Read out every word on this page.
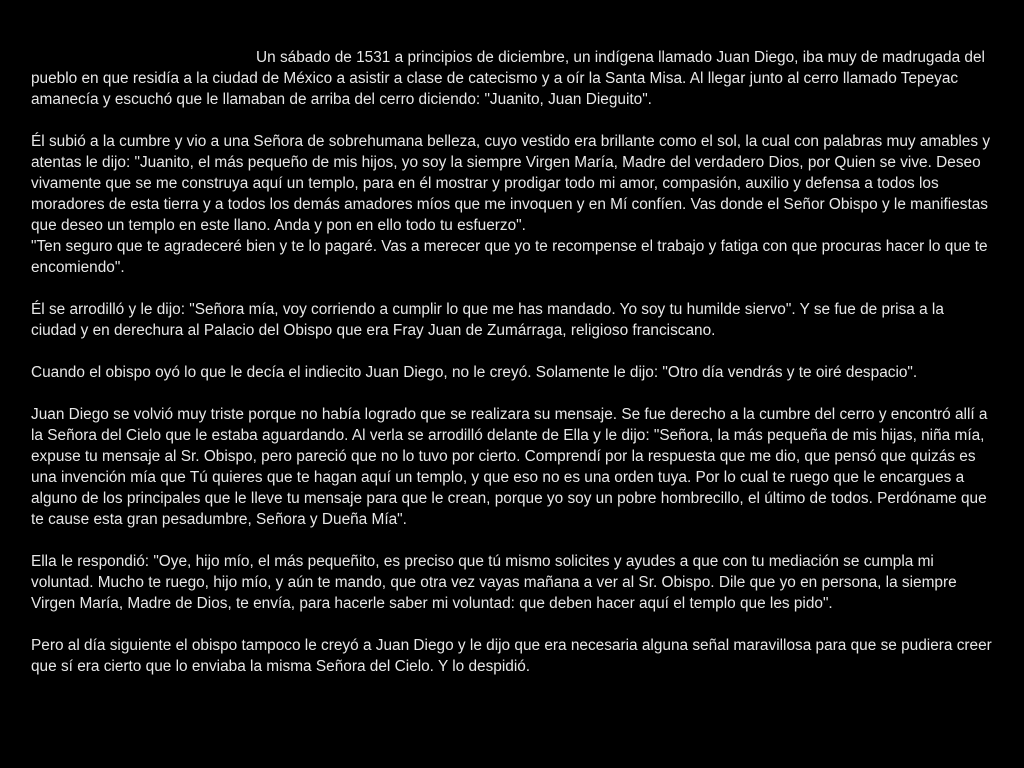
Un sábado de 1531 a principios de diciembre, un indígena llamado Juan Diego, iba muy de madrugada del pueblo en que residía a la ciudad de México a asistir a clase de catecismo y a oír la Santa Misa. Al llegar junto al cerro llamado Tepeyac amanecía y escuchó que le llamaban de arriba del cerro diciendo: "Juanito, Juan Dieguito".

Él subió a la cumbre y vio a una Señora de sobrehumana belleza, cuyo vestido era brillante como el sol, la cual con palabras muy amables y atentas le dijo: "Juanito, el más pequeño de mis hijos, yo soy la siempre Virgen María, Madre del verdadero Dios, por Quien se vive. Deseo vivamente que se me construya aquí un templo, para en él mostrar y prodigar todo mi amor, compasión, auxilio y defensa a todos los moradores de esta tierra y a todos los demás amadores míos que me invoquen y en Mí confíen. Vas donde el Señor Obispo y le manifiestas que deseo un templo en este llano. Anda y pon en ello todo tu esfuerzo".

"Ten seguro que te agradeceré bien y te lo pagaré. Vas a merecer que yo te recompense el trabajo y fatiga con que procuras hacer lo que te encomiendo".

Él se arrodilló y le dijo: "Señora mía, voy corriendo a cumplir lo que me has mandado. Yo soy tu humilde siervo". Y se fue de prisa a la ciudad y en derechura al Palacio del Obispo que era Fray Juan de Zumárraga, religioso franciscano.

Cuando el obispo oyó lo que le decía el indiecito Juan Diego, no le creyó. Solamente le dijo: "Otro día vendrás y te oiré despacio".

Juan Diego se volvió muy triste porque no había logrado que se realizara su mensaje. Se fue derecho a la cumbre del cerro y encontró allí a la Señora del Cielo que le estaba aguardando. Al verla se arrodilló delante de Ella y le dijo: "Señora, la más pequeña de mis hijas, niña mía, expuse tu mensaje al Sr. Obispo, pero pareció que no lo tuvo por cierto. Comprendí por la respuesta que me dio, que pensó que quizás es una invención mía que Tú quieres que te hagan aquí un templo, y que eso no es una orden tuya. Por lo cual te ruego que le encargues a alguno de los principales que le lleve tu mensaje para que le crean, porque yo soy un pobre hombrecillo, el último de todos. Perdóname que te cause esta gran pesadumbre, Señora y Dueña Mía".

Ella le respondió: "Oye, hijo mío, el más pequeñito, es preciso que tú mismo solicites y ayudes a que con tu mediación se cumpla mi voluntad. Mucho te ruego, hijo mío, y aún te mando, que otra vez vayas mañana a ver al Sr. Obispo. Dile que yo en persona, la siempre Virgen María, Madre de Dios, te envía, para hacerle saber mi voluntad: que deben hacer aquí el templo que les pido".

Pero al día siguiente el obispo tampoco le creyó a Juan Diego y le dijo que era necesaria alguna señal maravillosa para que se pudiera creer que sí era cierto que lo enviaba la misma Señora del Cielo. Y lo despidió.
